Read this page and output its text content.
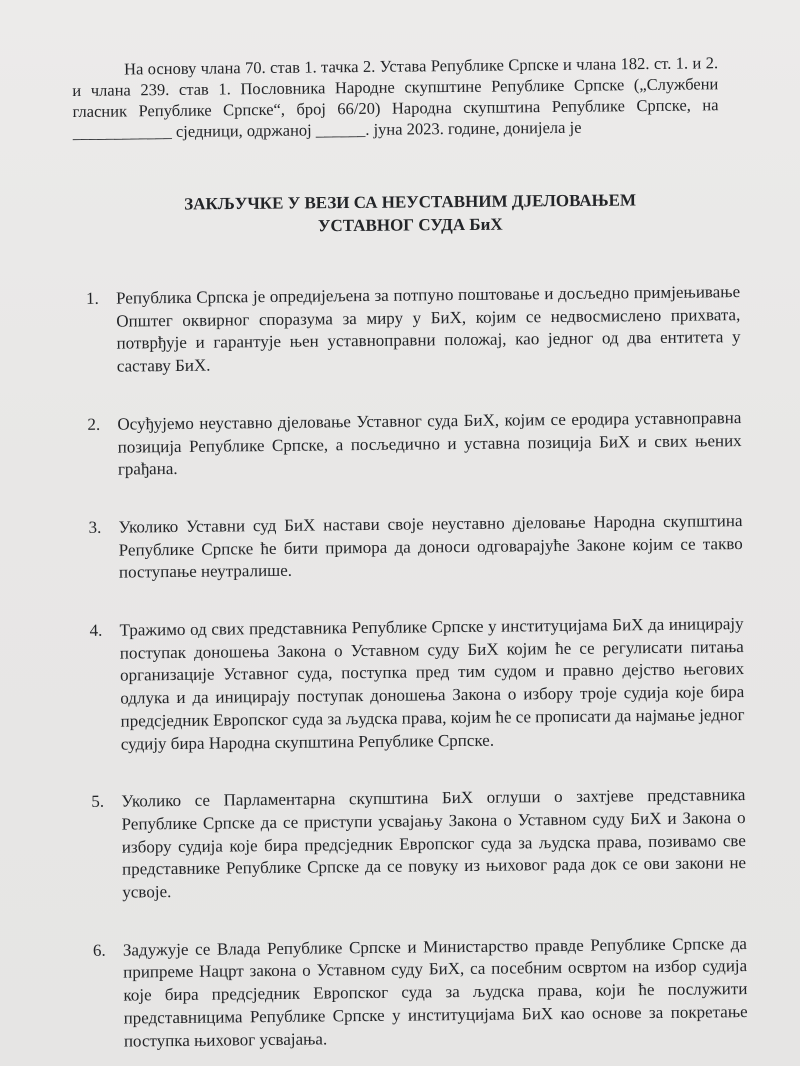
На основу члана 70. став 1. тачка 2. Устава Републике Српске и члана 182. ст. 1. и 2. и члана 239. став 1. Пословника Народне скупштине Републике Српске („Службени гласник Републике Српске“, број 66/20) Народна скупштина Републике Српске, на ____________ сједници, одржаној ______. јуна 2023. године, донијела је

ЗАКЉУЧКЕ У ВЕЗИ СА НЕУСТАВНИМ ДЈЕЛОВАЊЕМ
УСТАВНОГ СУДА БиХ
1. Република Српска је опредијељена за потпуно поштовање и досљедно примјењивање Општег оквирног споразума за миру у БиХ, којим се недвосмислено прихвата, потврђује и гарантује њен уставноправни положај, као једног од два ентитета у саставу БиХ.
2. Осуђујемо неуставно дјеловање Уставног суда БиХ, којим се еродира уставноправна позиција Републике Српске, а посљедично и уставна позиција БиХ и свих њених грађана.
3. Уколико Уставни суд БиХ настави своје неуставно дјеловање Народна скупштина Републике Српске ће бити примора да доноси одговарајуће Законе којим се такво поступање неутралише.
4. Тражимо од свих представника Републике Српске у институцијама БиХ да иницирају поступак доношења Закона о Уставном суду БиХ којим ће се регулисати питања организације Уставног суда, поступка пред тим судом и правно дејство његових одлука и да иницирају поступак доношења Закона о избору троје судија које бира предсједник Европског суда за људска права, којим ће се прописати да најмање једног судију бира Народна скупштина Републике Српске.
5. Уколико се Парламентарна скупштина БиХ оглуши о захтјеве представника Републике Српске да се приступи усвајању Закона о Уставном суду БиХ и Закона о избору судија које бира предсједник Европског суда за људска права, позивамо све представнике Републике Српске да се повуку из њиховог рада док се ови закони не усвоје.
6. Задужује се Влада Републике Српске и Министарство правде Републике Српске да припреме Нацрт закона о Уставном суду БиХ, са посебним освртом на избор судија које бира предсједник Европског суда за људска права, који ће послужити представницима Републике Српске у институцијама БиХ као основе за покретање поступка њиховог усвајања.
